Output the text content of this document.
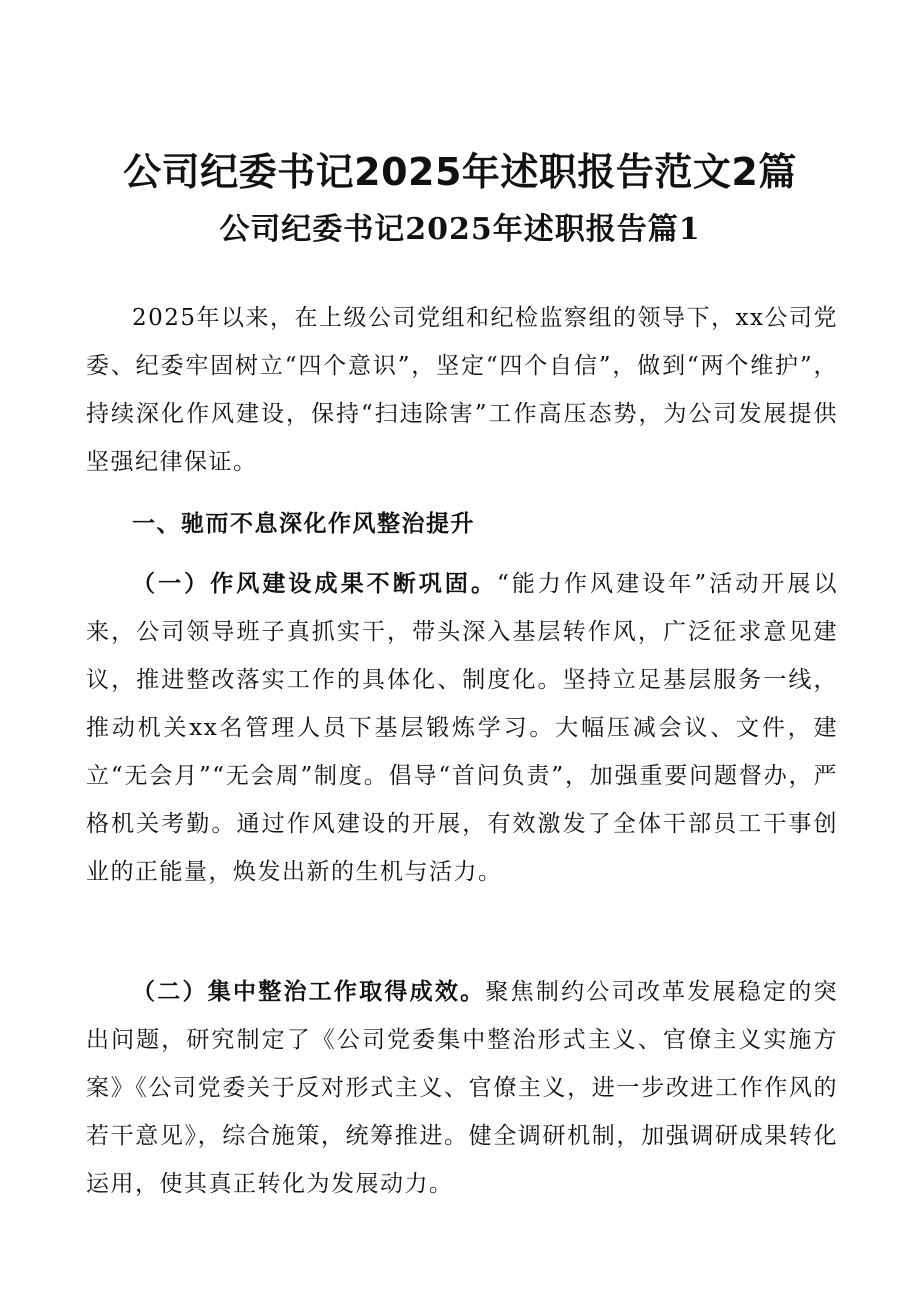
公司纪委书记2025年述职报告范文2篇
公司纪委书记2025年述职报告篇1

2025年以来，在上级公司党组和纪检监察组的领导下，xx公司党委、纪委牢固树立“四个意识”，坚定“四个自信”，做到“两个维护”，持续深化作风建设，保持“扫违除害”工作高压态势，为公司发展提供坚强纪律保证。

一、驰而不息深化作风整治提升

（一）作风建设成果不断巩固。“能力作风建设年”活动开展以来，公司领导班子真抓实干，带头深入基层转作风，广泛征求意见建议，推进整改落实工作的具体化、制度化。坚持立足基层服务一线，推动机关xx名管理人员下基层锻炼学习。大幅压减会议、文件，建立“无会月”“无会周”制度。倡导“首问负责”，加强重要问题督办，严格机关考勤。通过作风建设的开展，有效激发了全体干部员工干事创业的正能量，焕发出新的生机与活力。

（二）集中整治工作取得成效。聚焦制约公司改革发展稳定的突出问题，研究制定了《公司党委集中整治形式主义、官僚主义实施方案》《公司党委关于反对形式主义、官僚主义，进一步改进工作作风的若干意见》，综合施策，统筹推进。健全调研机制，加强调研成果转化运用，使其真正转化为发展动力。
